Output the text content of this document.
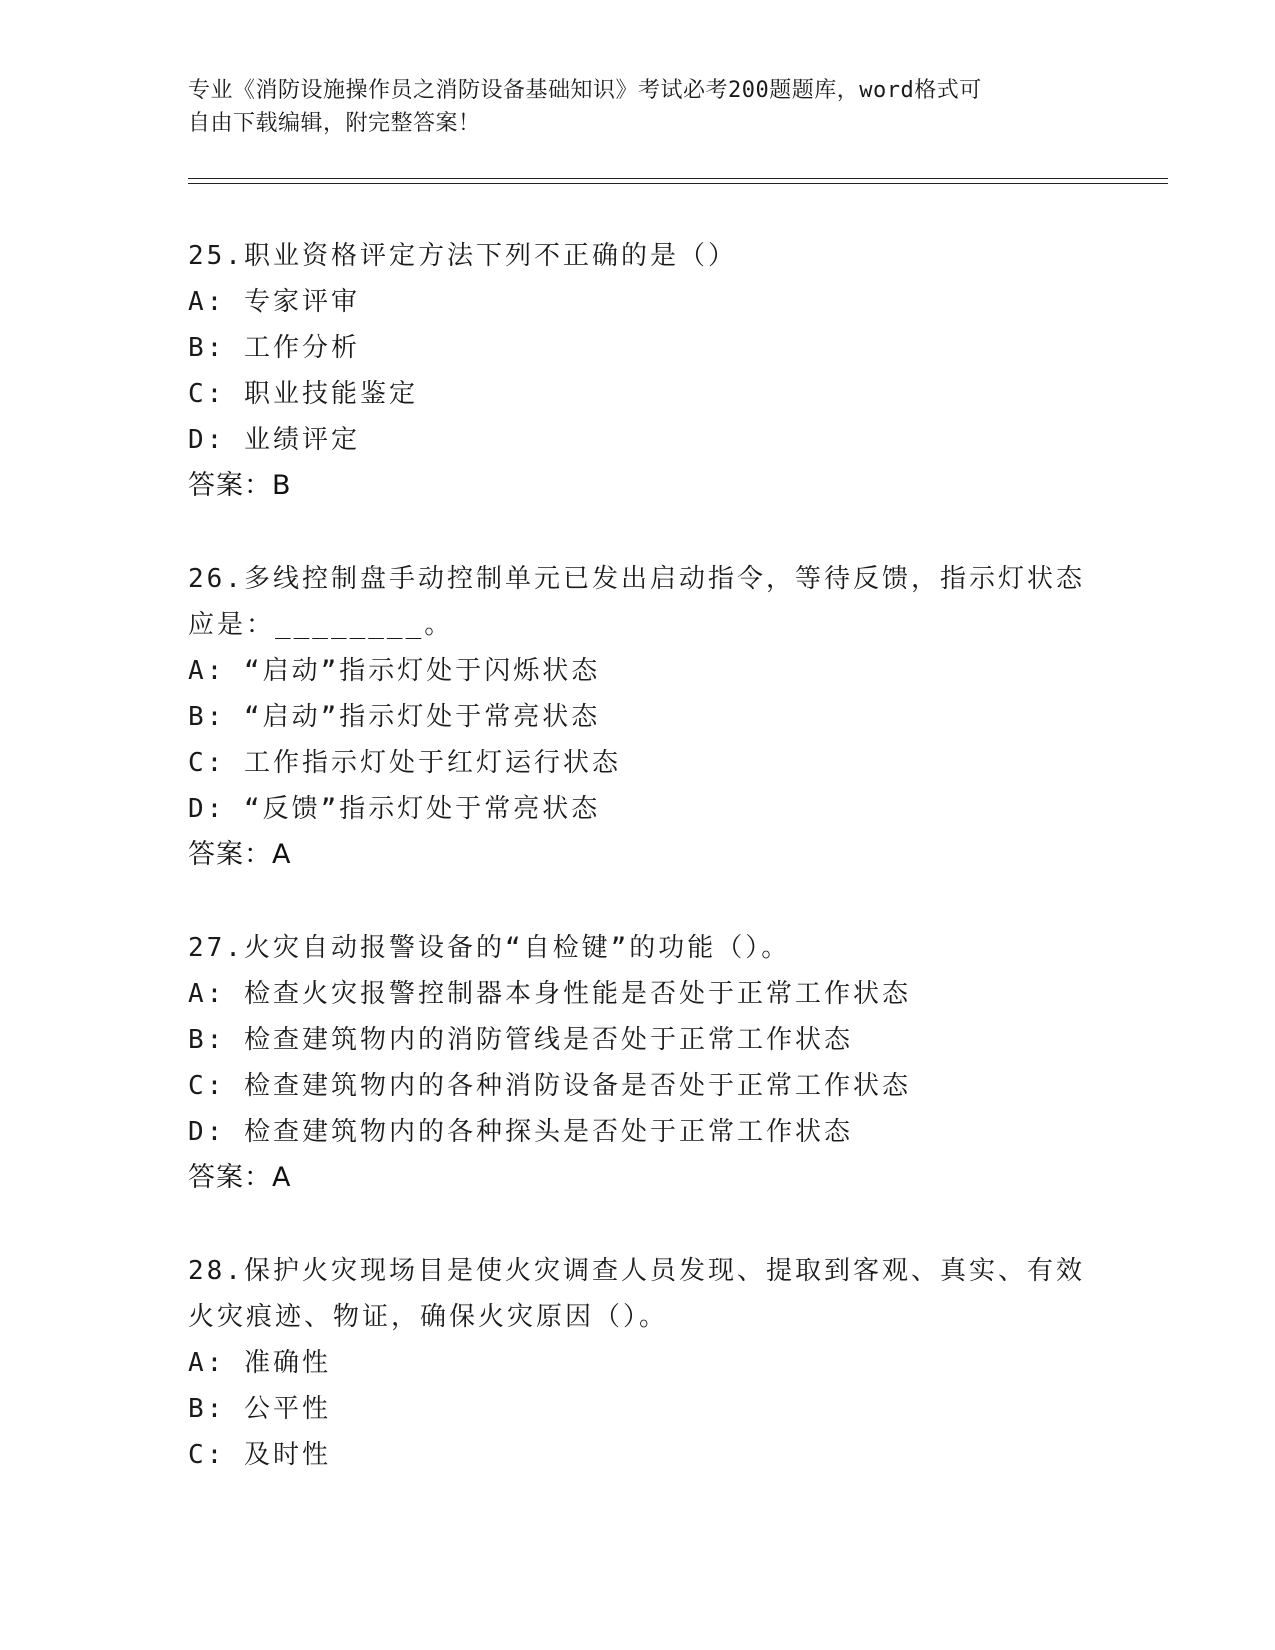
专业《消防设施操作员之消防设备基础知识》考试必考200题题库，word格式可
自由下载编辑，附完整答案！

25.职业资格评定方法下列不正确的是（）

A: 专家评审

B: 工作分析

C: 职业技能鉴定

D: 业绩评定

答案：B

26.多线控制盘手动控制单元已发出启动指令，等待反馈，指示灯状态

应是：________。

A: “启动”指示灯处于闪烁状态

B: “启动”指示灯处于常亮状态

C: 工作指示灯处于红灯运行状态

D: “反馈”指示灯处于常亮状态

答案：A

27.火灾自动报警设备的“自检键”的功能（）。

A: 检查火灾报警控制器本身性能是否处于正常工作状态

B: 检查建筑物内的消防管线是否处于正常工作状态

C: 检查建筑物内的各种消防设备是否处于正常工作状态

D: 检查建筑物内的各种探头是否处于正常工作状态

答案：A

28.保护火灾现场目是使火灾调查人员发现、提取到客观、真实、有效

火灾痕迹、物证，确保火灾原因（）。

A: 准确性

B: 公平性

C: 及时性
